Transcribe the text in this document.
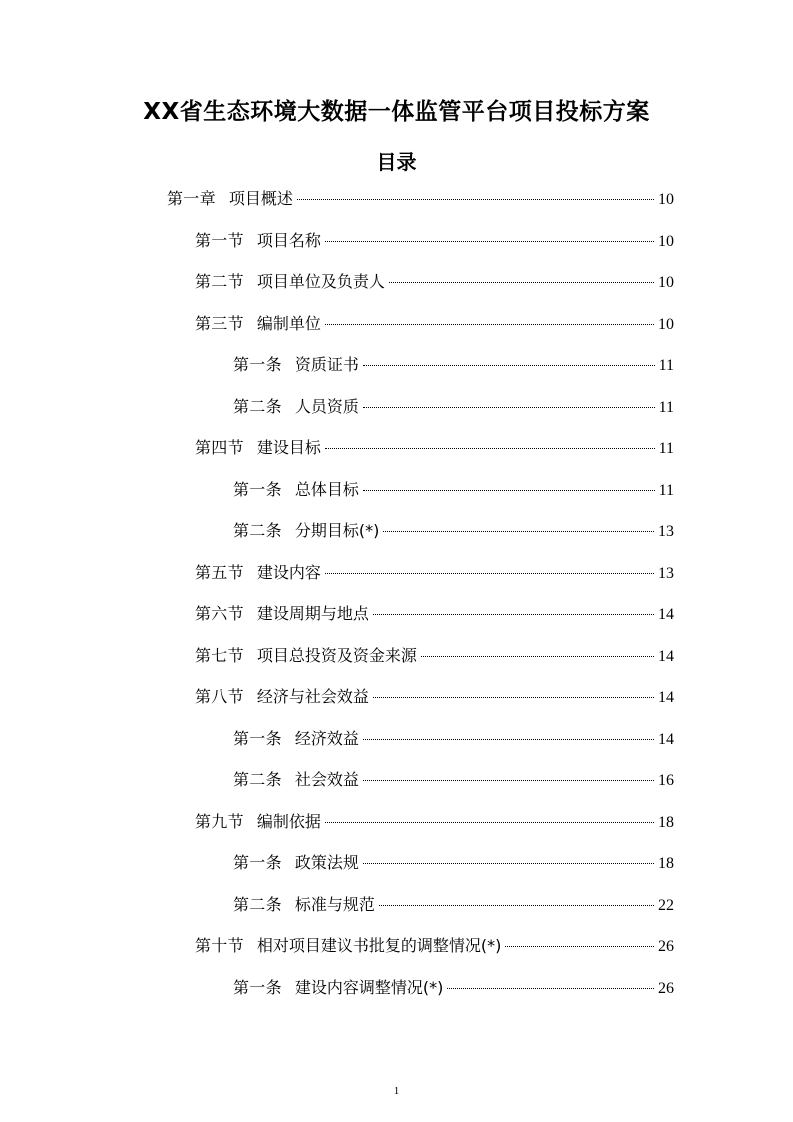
XX省生态环境大数据一体监管平台项目投标方案
目录
第一章 项目概述	10
第一节 项目名称	10
第二节 项目单位及负责人	10
第三节 编制单位	10
第一条 资质证书	11
第二条 人员资质	11
第四节 建设目标	11
第一条 总体目标	11
第二条 分期目标(*)	13
第五节 建设内容	13
第六节 建设周期与地点	14
第七节 项目总投资及资金来源	14
第八节 经济与社会效益	14
第一条 经济效益	14
第二条 社会效益	16
第九节 编制依据	18
第一条 政策法规	18
第二条 标准与规范	22
第十节 相对项目建议书批复的调整情况(*)	26
第一条 建设内容调整情况(*)	26
1
